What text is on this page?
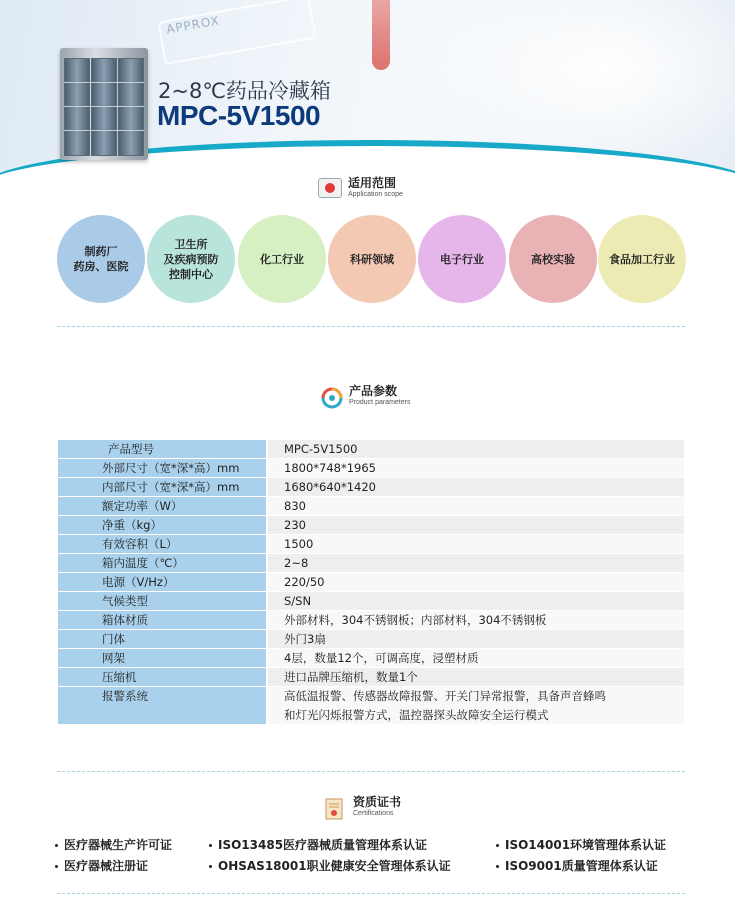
APPROX
2~8℃药品冷藏箱
MPC-5V1500
适用范围
Application scope
制药厂
药房、医院
卫生所
及疾病预防
控制中心
化工行业	科研领域	电子行业	高校实验	食品加工行业
产品参数
Product parameters
产品型号	MPC-5V1500
外部尺寸（宽*深*高）mm	1800*748*1965
内部尺寸（宽*深*高）mm	1680*640*1420
额定功率（W）	830
净重（kg）	230
有效容积（L）	1500
箱内温度（℃）	2~8
电源（V/Hz）	220/50
气候类型	S/SN
箱体材质	外部材料，304不锈钢板；内部材料，304不锈钢板
门体	外门3扇
网架	4层，数量12个，可调高度，浸塑材质
压缩机	进口品牌压缩机，数量1个
报警系统	高低温报警、传感器故障报警、开关门异常报警，具备声音蜂鸣
和灯光闪烁报警方式，温控器探头故障安全运行模式
资质证书
Certifications
医疗器械生产许可证	ISO13485医疗器械质量管理体系认证	ISO14001环境管理体系认证
医疗器械注册证	OHSAS18001职业健康安全管理体系认证	ISO9001质量管理体系认证
